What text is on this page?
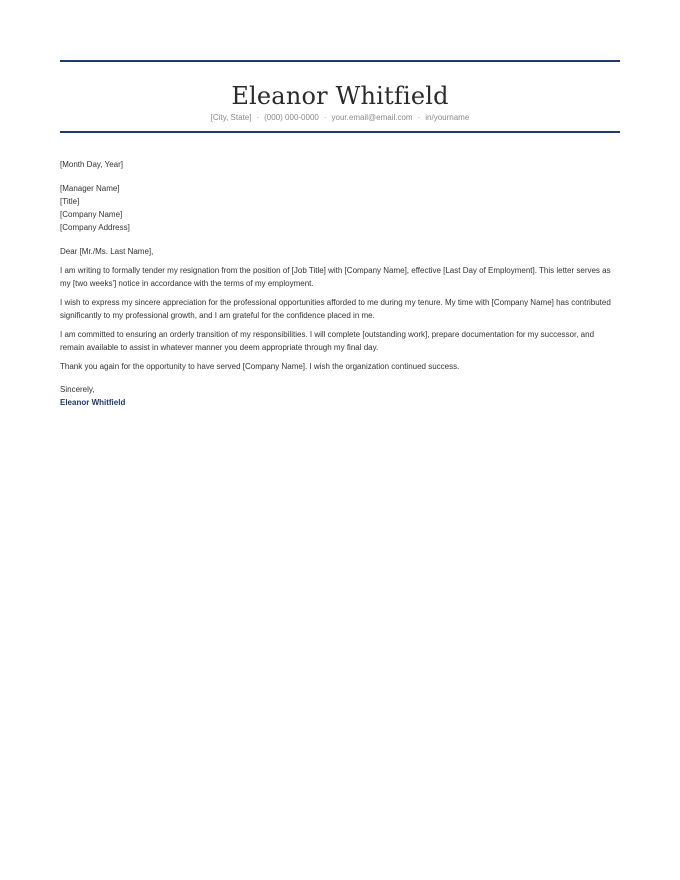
Eleanor Whitfield
[City, State] · (000) 000-0000 · your.email@email.com · in/yourname

[Month Day, Year]

[Manager Name]

[Title]

[Company Name]

[Company Address]

Dear [Mr./Ms. Last Name],

I am writing to formally tender my resignation from the position of [Job Title] with [Company Name], effective [Last Day of Employment]. This letter serves as my [two weeks'] notice in accordance with the terms of my employment.

I wish to express my sincere appreciation for the professional opportunities afforded to me during my tenure. My time with [Company Name] has contributed significantly to my professional growth, and I am grateful for the confidence placed in me.

I am committed to ensuring an orderly transition of my responsibilities. I will complete [outstanding work], prepare documentation for my successor, and remain available to assist in whatever manner you deem appropriate through my final day.

Thank you again for the opportunity to have served [Company Name]. I wish the organization continued success.

Sincerely,

Eleanor Whitfield
